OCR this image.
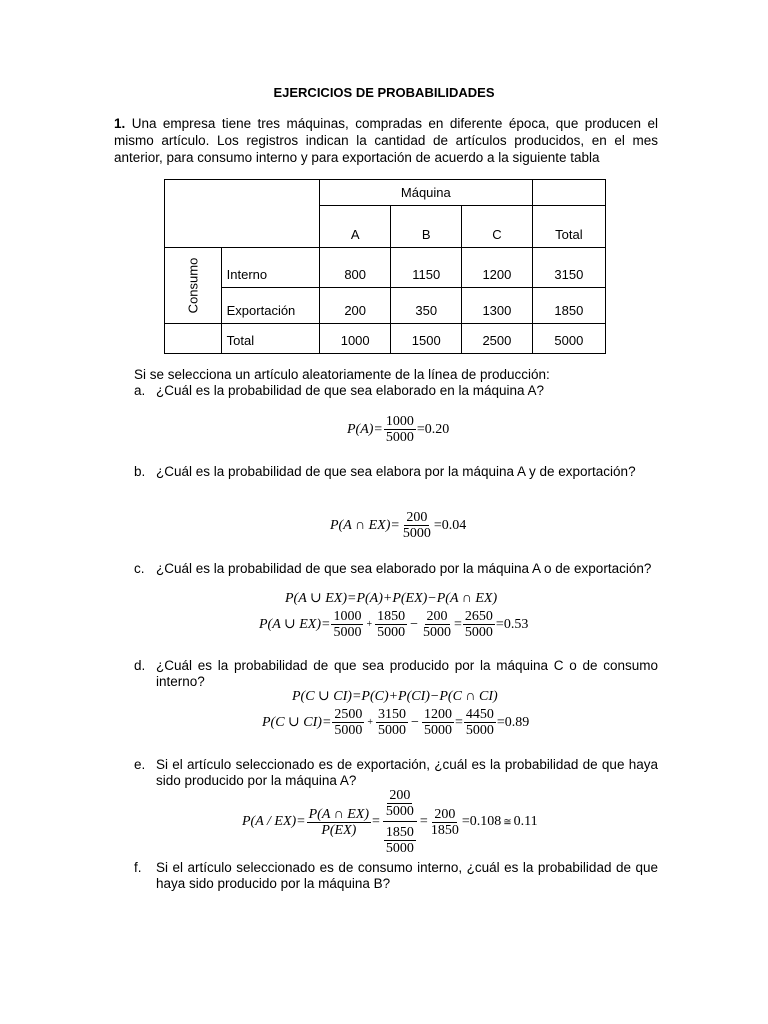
EJERCICIOS DE PROBABILIDADES
1. Una empresa tiene tres máquinas, compradas en diferente época, que producen el mismo artículo. Los registros indican la cantidad de artículos producidos, en el mes anterior, para consumo interno y para exportación de acuerdo a la siguiente tabla
		Máquina			
		A	B	C	Total
Consumo	Interno	800	1150	1200	3150
	Exportación	200	350	1300	1850
	Total	1000	1500	2500	5000
Si se selecciona un artículo aleatoriamente de la línea de producción:
a. ¿Cuál es la probabilidad de que sea elaborado en la máquina A?
$P(A)= \frac{1000}{5000} =0.20$
b. ¿Cuál es la probabilidad de que sea elabora por la máquina A y de exportación?
P(A ∩ $EX)= \frac{200}{5000} =0.04$
c. ¿Cuál es la probabilidad de que sea elaborado por la máquina A o de exportación?
P(A ∪ EX)=P(A)+P(EX)−P(A ∩ EX)
P(A ∪ $EX)= \frac{1000}{5000} + \frac{1850}{5000} - \frac{200}{5000} = \frac{2650}{5000} =0.53$
d. ¿Cuál es la probabilidad de que sea producido por la máquina C o de consumo interno?
P(C ∪ CI)=P(C)+P(CI)−P(C ∩ CI)
P(C ∪ $CI)= \frac{2500}{5000} + \frac{3150}{5000} - \frac{1200}{5000} = \frac{4450}{5000} =0.89$
e. Si el artículo seleccionado es de exportación, ¿cuál es la probabilidad de que haya sido producido por la máquina A?
$P(A / EX)= \frac{P(A \cap EX)}{P(EX)} = \frac{\frac{200}{5000}}{\frac{1850}{5000}} = \frac{200}{1850} =0.108$ ≅ 0.11
f. Si el artículo seleccionado es de consumo interno, ¿cuál es la probabilidad de que haya sido producido por la máquina B?
